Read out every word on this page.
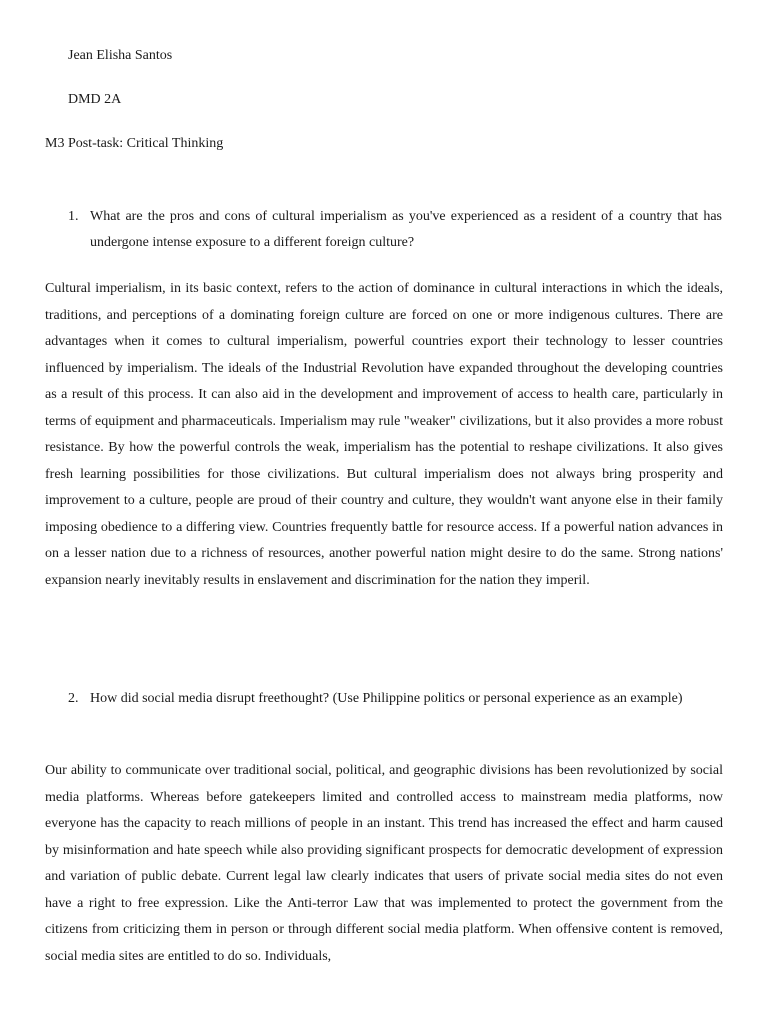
Jean Elisha Santos
DMD 2A
M3 Post-task: Critical Thinking
1. What are the pros and cons of cultural imperialism as you've experienced as a resident of a country that has undergone intense exposure to a different foreign culture?
Cultural imperialism, in its basic context, refers to the action of dominance in cultural interactions in which the ideals, traditions, and perceptions of a dominating foreign culture are forced on one or more indigenous cultures. There are advantages when it comes to cultural imperialism, powerful countries export their technology to lesser countries influenced by imperialism. The ideals of the Industrial Revolution have expanded throughout the developing countries as a result of this process. It can also aid in the development and improvement of access to health care, particularly in terms of equipment and pharmaceuticals. Imperialism may rule "weaker" civilizations, but it also provides a more robust resistance. By how the powerful controls the weak, imperialism has the potential to reshape civilizations. It also gives fresh learning possibilities for those civilizations. But cultural imperialism does not always bring prosperity and improvement to a culture, people are proud of their country and culture, they wouldn't want anyone else in their family imposing obedience to a differing view. Countries frequently battle for resource access. If a powerful nation advances in on a lesser nation due to a richness of resources, another powerful nation might desire to do the same. Strong nations' expansion nearly inevitably results in enslavement and discrimination for the nation they imperil.
2. How did social media disrupt freethought? (Use Philippine politics or personal experience as an example)
Our ability to communicate over traditional social, political, and geographic divisions has been revolutionized by social media platforms. Whereas before gatekeepers limited and controlled access to mainstream media platforms, now everyone has the capacity to reach millions of people in an instant. This trend has increased the effect and harm caused by misinformation and hate speech while also providing significant prospects for democratic development of expression and variation of public debate. Current legal law clearly indicates that users of private social media sites do not even have a right to free expression. Like the Anti-terror Law that was implemented to protect the government from the citizens from criticizing them in person or through different social media platform. When offensive content is removed, social media sites are entitled to do so. Individuals,
